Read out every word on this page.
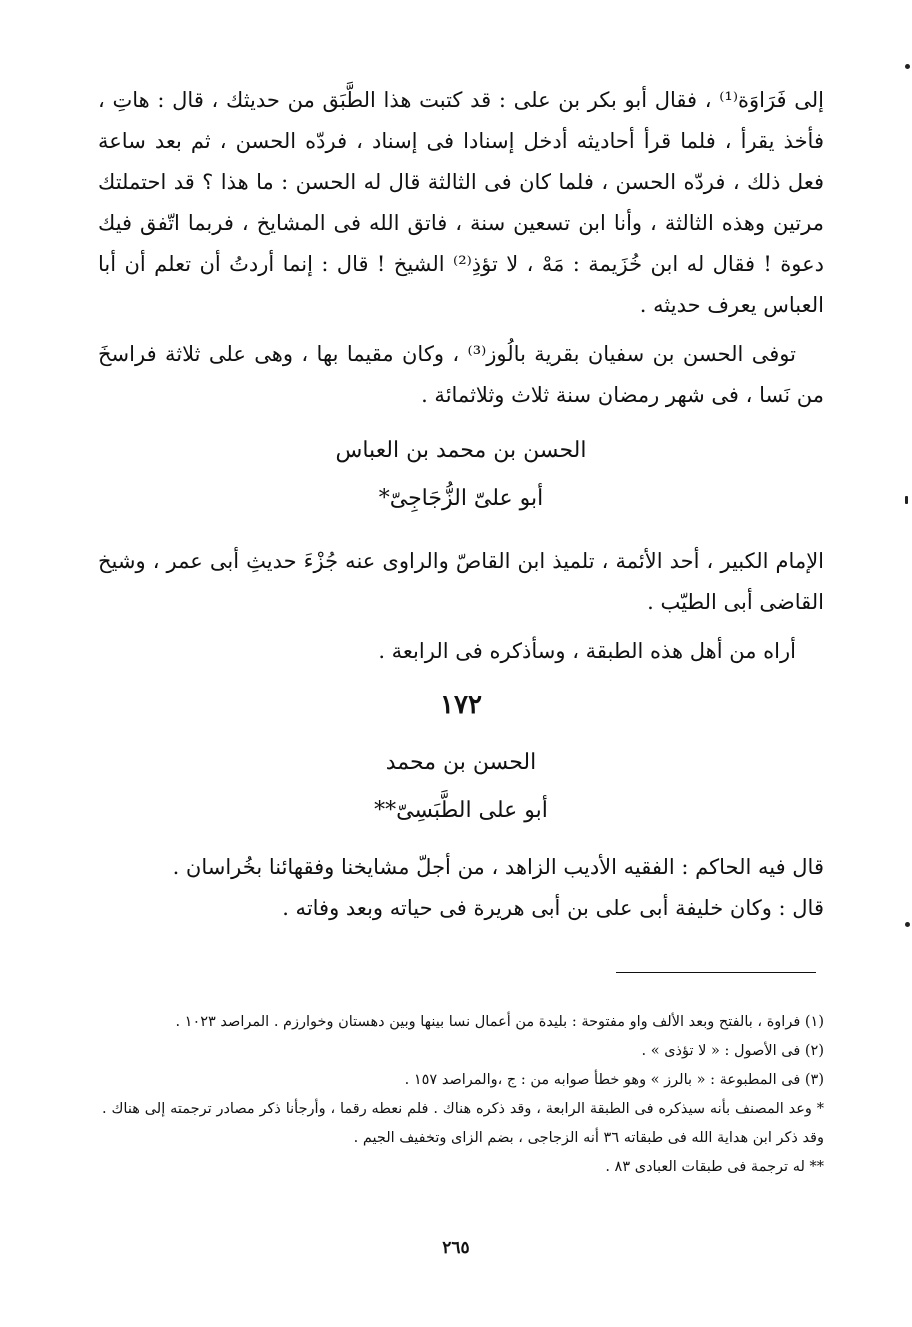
إلى فَرَاوَة⁽¹⁾ ، فقال أبو بكر بن على : قد كتبت هذا الطَّبَق من حديثك ، قال : هاتِ ، فأخذ يقرأ ، فلما قرأ أحاديثه أدخل إسنادا فى إسناد ، فردّه الحسن ، ثم بعد ساعة فعل ذلك ، فردّه الحسن ، فلما كان فى الثالثة قال له الحسن : ما هذا ؟ قد احتملتك مرتين وهذه الثالثة ، وأنا ابن تسعين سنة ، فاتق الله فى المشايخ ، فربما اتّفق فيك دعوة ! فقال له ابن خُزَيمة : مَهْ ، لا تؤذِ⁽²⁾ الشيخ ! قال : إنما أردتُ أن تعلم أن أبا العباس يعرف حديثه .

توفى الحسن بن سفيان بقرية بالُوز⁽³⁾ ، وكان مقيما بها ، وهى على ثلاثة فراسخَ من نَسا ، فى شهر رمضان سنة ثلاث وثلاثمائة .

الحسن بن محمد بن العباس
أبو علىّ الزُّجَاجِىّ*

الإمام الكبير ، أحد الأئمة ، تلميذ ابن القاصّ والراوى عنه جُزْءَ حديثِ أبى عمر ، وشيخ القاضى أبى الطيّب .

أراه من أهل هذه الطبقة ، وسأذكره فى الرابعة .

١٧٢
الحسن بن محمد
أبو على الطَّبَسِىّ**

قال فيه الحاكم : الفقيه الأديب الزاهد ، من أجلّ مشايخنا وفقهائنا بخُراسان .

قال : وكان خليفة أبى على بن أبى هريرة فى حياته وبعد وفاته .

(١) فراوة ، بالفتح وبعد الألف واو مفتوحة : بليدة من أعمال نسا بينها وبين دهستان وخوارزم . المراصد ١٠٢٣ .

(٢) فى الأصول : « لا تؤذى » .

(٣) فى المطبوعة : « بالرز » وهو خطأ صوابه من : ج ،والمراصد ١٥٧ .

* وعد المصنف بأنه سيذكره فى الطبقة الرابعة ، وقد ذكره هناك . فلم نعطه رقما ، وأرجأنا ذكر مصادر ترجمته إلى هناك . وقد ذكر ابن هداية الله فى طبقاته ٣٦ أنه الزجاجى ، بضم الزاى وتخفيف الجيم .

** له ترجمة فى طبقات العبادى ٨٣ .

٢٦٥
